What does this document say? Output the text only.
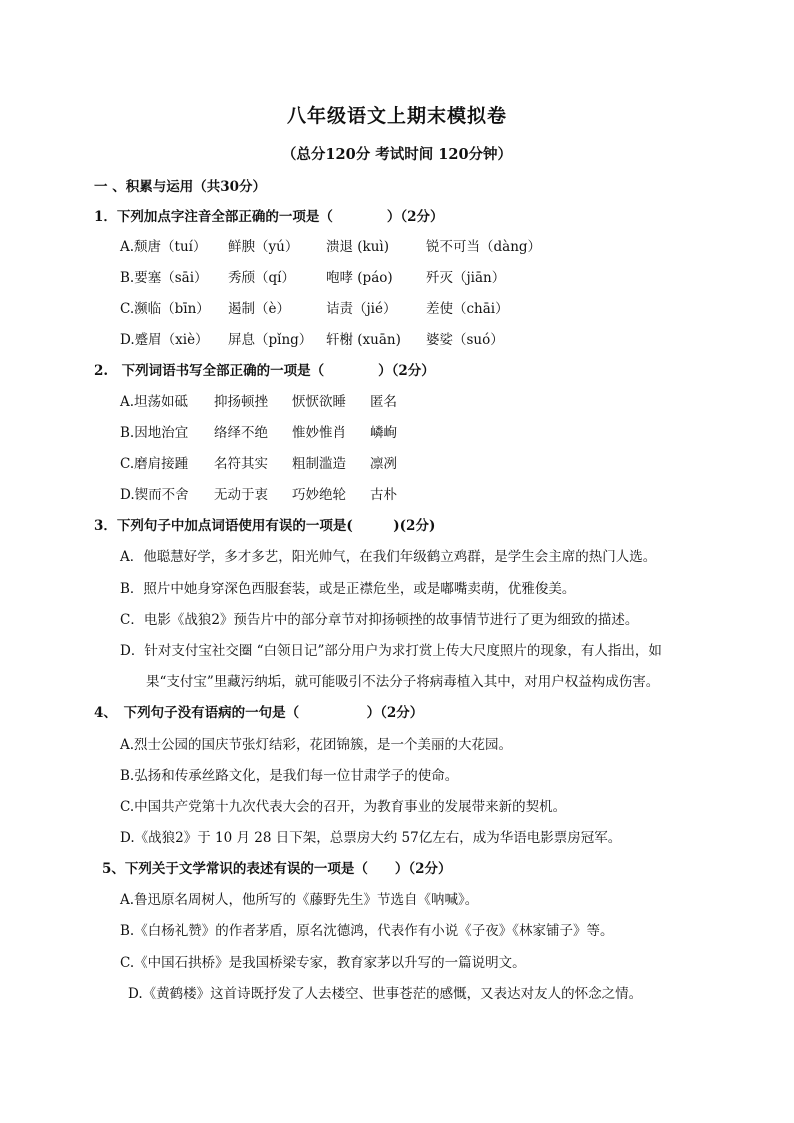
八年级语文上期末模拟卷
（总分120分 考试时间 120分钟）
一 、积累与运用（共30分）
1．下列加点字注音全部正确的一项是（　　　　）（2分）
A.颓唐（tuí） 鲜腴（yú） 溃退 (kuì)	锐不可当（dàng）
B.要塞（sāi） 秀颀（qí） 咆哮 (páo) 歼灭（jiān）
C.濒临（bīn） 遏制（è）	诘责（jié） 差使（chāi）
D.蹙眉（xiè） 屏息（pǐng） 轩榭 (xuān) 婆娑（suó）
2.　下列词语书写全部正确的一项是（　　　　）（2分）
A.坦荡如砥 抑扬顿挫 恹恹欲睡 匿名
B.因地治宜 络绎不绝 惟妙惟肖 嶙峋
C.磨肩接踵 名符其实 粗制滥造 凛冽
D.锲而不舍 无动于衷 巧妙绝轮 古朴
3．下列句子中加点词语使用有误的一项是(　　　)(2分)
A．他聪慧好学，多才多艺，阳光帅气，在我们年级鹤立鸡群，是学生会主席的热门人选。
B．照片中她身穿深色西服套装，或是正襟危坐，或是嘟嘴卖萌，优雅俊美。
C．电影《战狼2》预告片中的部分章节对抑扬顿挫的故事情节进行了更为细致的描述。
D．针对支付宝社交圈 “白领日记”部分用户为求打赏上传大尺度照片的现象，有人指出，如
果“支付宝”里藏污纳垢，就可能吸引不法分子将病毒植入其中，对用户权益构成伤害。
4、　下列句子没有语病的一句是（　　　　　）（2分）
A.烈士公园的国庆节张灯结彩，花团锦簇，是一个美丽的大花园。
B.弘扬和传承丝路文化，是我们每一位甘肃学子的使命。
C.中国共产党第十九次代表大会的召开，为教育事业的发展带来新的契机。
D.《战狼2》于 10 月 28 日下架，总票房大约 57亿左右，成为华语电影票房冠军。
5、下列关于文学常识的表述有误的一项是（　　）（2分）
A.鲁迅原名周树人，他所写的《藤野先生》节选自《呐喊》。
B.《白杨礼赞》的作者茅盾，原名沈德鸿，代表作有小说《子夜》《林家铺子》等。
C.《中国石拱桥》是我国桥梁专家，教育家茅以升写的一篇说明文。
D.《黄鹤楼》这首诗既抒发了人去楼空、世事苍茫的感慨，又表达对友人的怀念之情。
